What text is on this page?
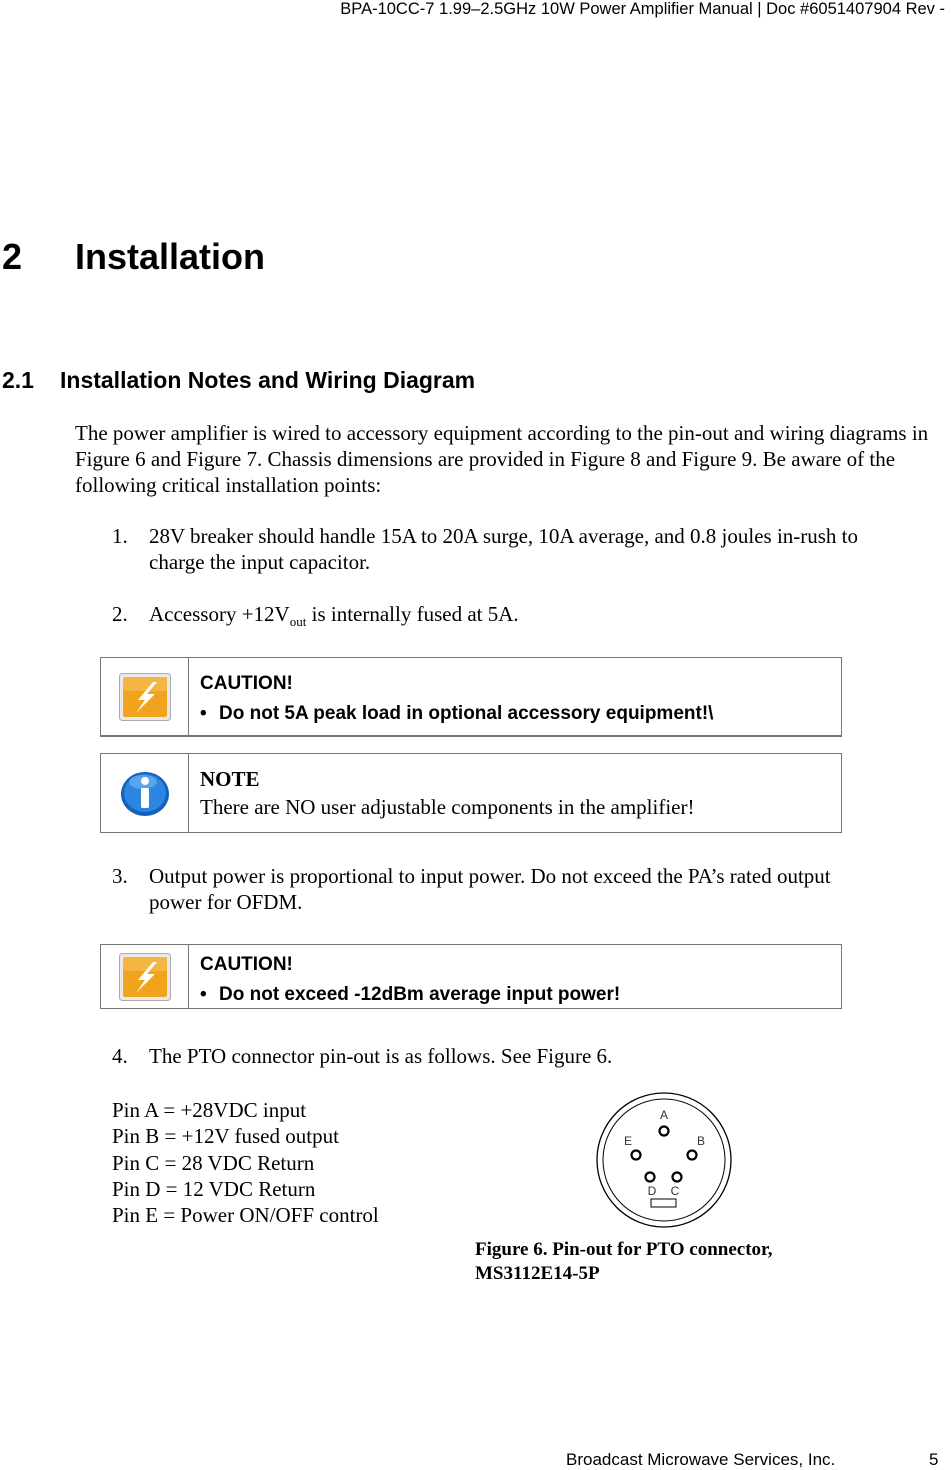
BPA-10CC-7 1.99–2.5GHz 10W Power Amplifier Manual | Doc #6051407904 Rev -
2 Installation
2.1 Installation Notes and Wiring Diagram
The power amplifier is wired to accessory equipment according to the pin-out and wiring diagrams in Figure 6 and Figure 7. Chassis dimensions are provided in Figure 8 and Figure 9. Be aware of the following critical installation points:
1. 28V breaker should handle 15A to 20A surge, 10A average, and 0.8 joules in-rush to
charge the input capacitor.
2. Accessory $+12V_{out}$ is internally fused at 5A.
CAUTION!
• Do not 5A peak load in optional accessory equipment!\
NOTE
There are NO user adjustable components in the amplifier!
3. Output power is proportional to input power. Do not exceed the PA’s rated output
power for OFDM.
CAUTION!
• Do not exceed -12dBm average input power!
4. The PTO connector pin-out is as follows. See Figure 6.
Pin A = +28VDC input
Pin B = +12V fused output
Pin C = 28 VDC Return
Pin D = 12 VDC Return
Pin E = Power ON/OFF control
A
B
C
D
E
Figure 6. Pin-out for PTO connector,
MS3112E14-5P
Broadcast Microwave Services, Inc.	5
